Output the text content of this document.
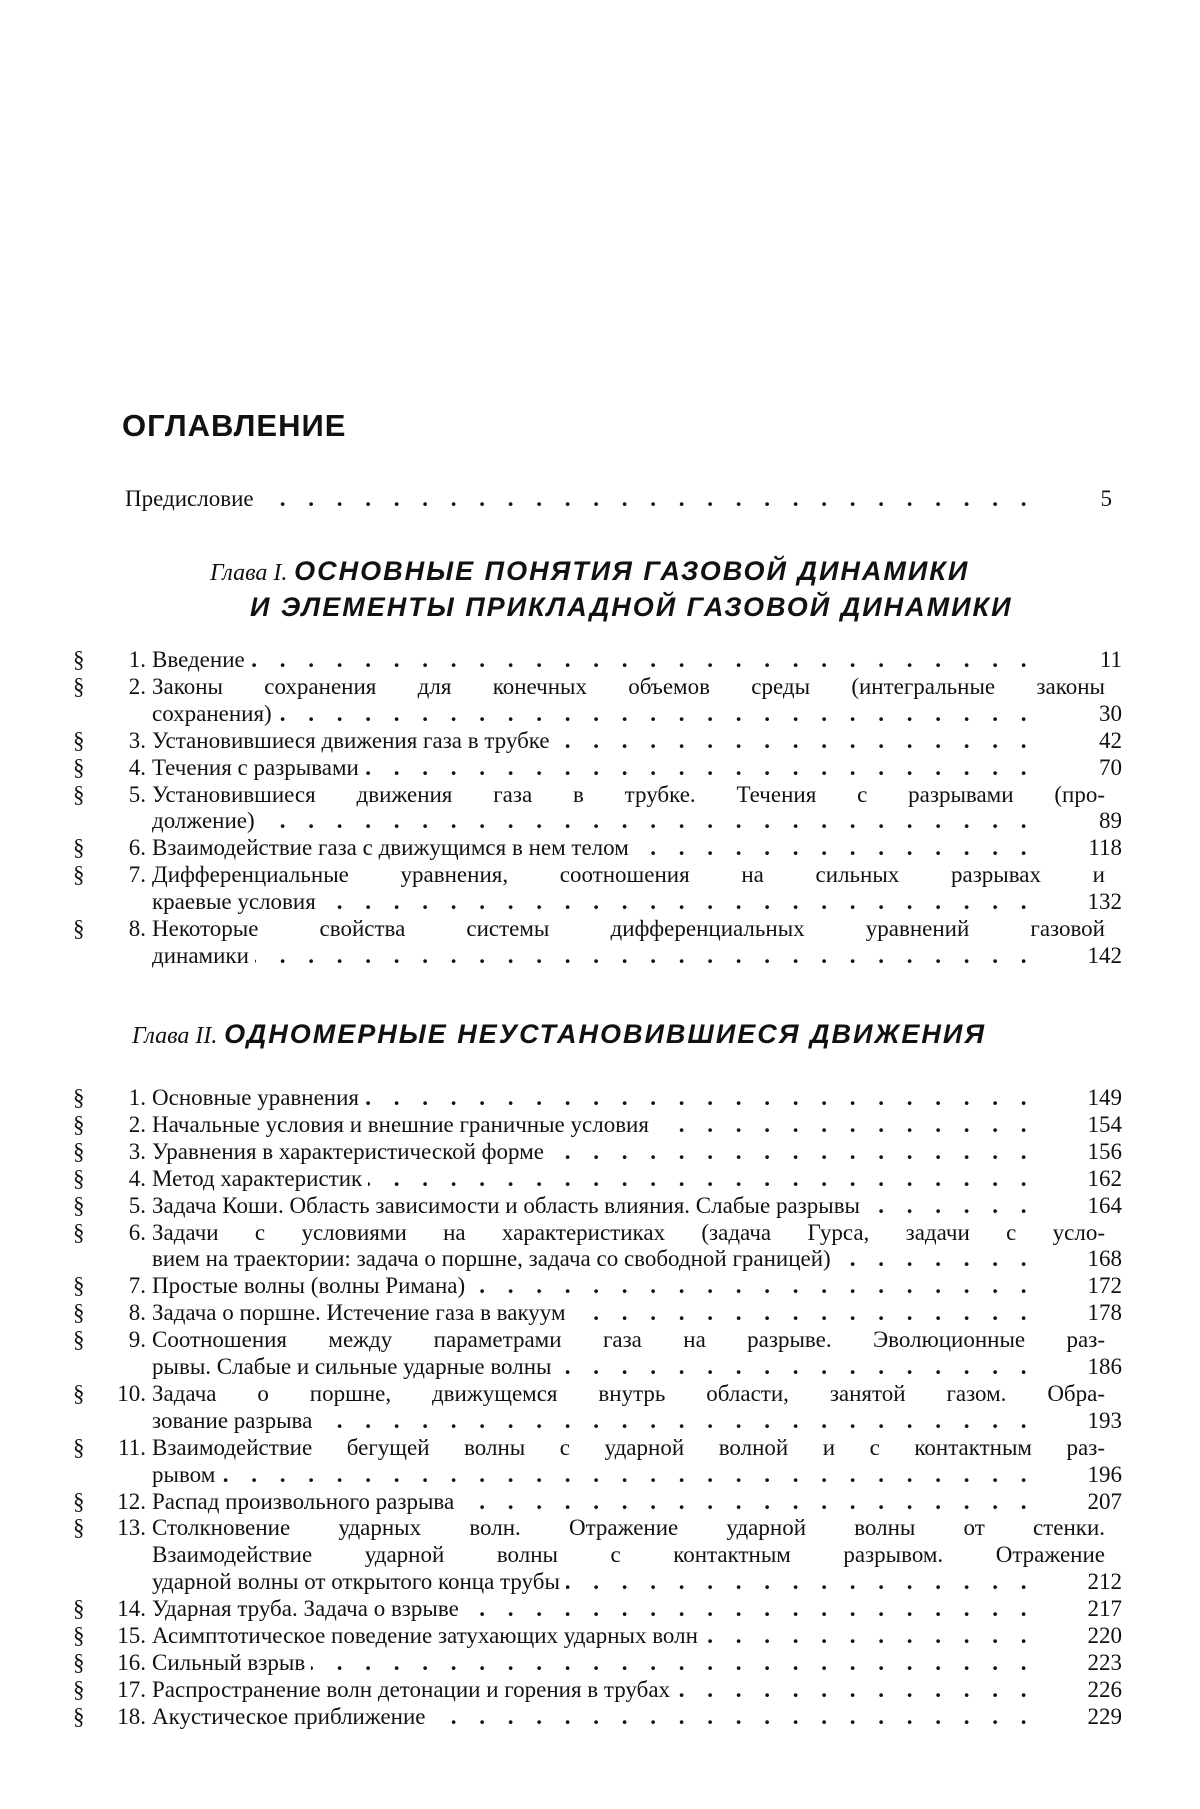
ОГЛАВЛЕНИЕ
. . .
Предисловие	5
Глава I. ОСНОВНЫЕ ПОНЯТИЯ ГАЗОВОЙ ДИНАМИКИ
И ЭЛЕМЕНТЫ ПРИКЛАДНОЙ ГАЗОВОЙ ДИНАМИКИ
§	1.
. . . Введение	11
§	2. Законы сохранения для конечных объемов среды (интегральные законы
. . .
сохранения)	30
§	3.
. . . Установившиеся движения газа в трубке	42
§	4.
. . . Течения с разрывами	70
§	5. Установившиеся движения газа в трубке. Течения с разрывами (про-
. . .
должение)	89
§	6.
. . . Взаимодействие газа с движущимся в нем телом	118
§	7. Дифференциальные уравнения, соотношения на сильных разрывах и
. . .
краевые условия	132
§	8. Некоторые свойства системы дифференциальных уравнений газовой
. . .
динамики	142
Глава II. ОДНОМЕРНЫЕ НЕУСТАНОВИВШИЕСЯ ДВИЖЕНИЯ
§	1.
. . . Основные уравнения	149
§	2.
. . . Начальные условия и внешние граничные условия	154
§	3.
. . . Уравнения в характеристической форме	156
§	4.
. . . Метод характеристик	162
§	5.
. . . Задача Коши. Область зависимости и область влияния. Слабые разрывы	164
§	6. Задачи с условиями на характеристиках (задача Гурса, задачи с усло-
. . .
вием на траектории: задача о поршне, задача со свободной границей)	168
§	7.
. . . Простые волны (волны Римана)	172
§	8.
. . . Задача о поршне. Истечение газа в вакуум	178
§	9. Соотношения между параметрами газа на разрыве. Эволюционные раз-
. . .
рывы. Слабые и сильные ударные волны	186
§	10. Задача о поршне, движущемся внутрь области, занятой газом. Обра-
. . .
зование разрыва	193
§	11. Взаимодействие бегущей волны с ударной волной и с контактным раз-
. . .
рывом	196
§	12.
. . . Распад произвольного разрыва	207
§	13. Столкновение ударных волн. Отражение ударной волны от стенки.
Взаимодействие ударной волны с контактным разрывом. Отражение
. . .
ударной волны от открытого конца трубы	212
§	14.
. . . Ударная труба. Задача о взрыве	217
§	15.
. . . Асимптотическое поведение затухающих ударных волн	220
§	16.
. . . Сильный взрыв	223
§	17.
. . . Распространение волн детонации и горения в трубах	226
§	18.
. . . Акустическое приближение	229
